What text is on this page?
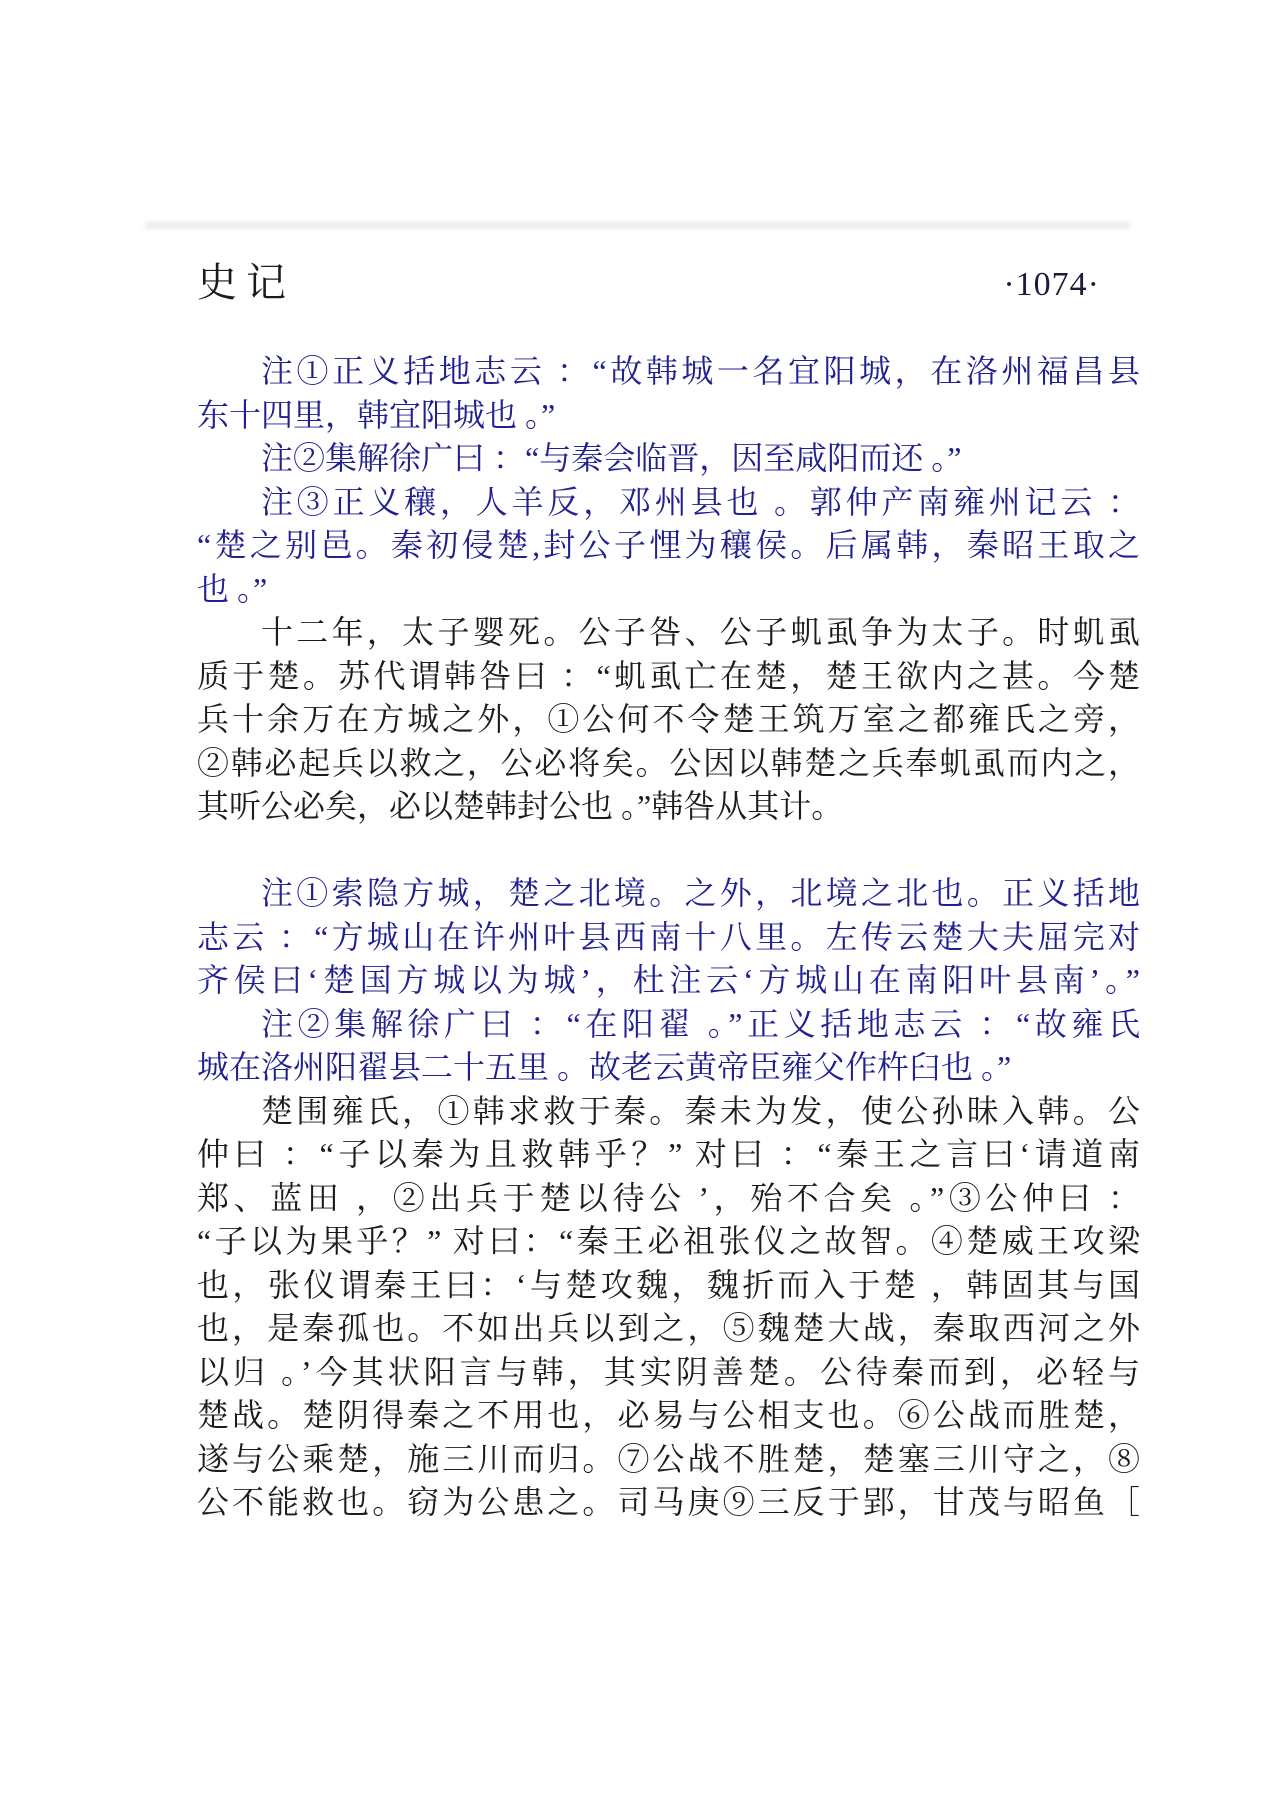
史记	·1074·
注①正义括地志云 ：“故韩城一名宜阳城，在洛州福昌县
东十四里，韩宜阳城也 。”
注②集解徐广曰 ：“与秦会临晋，因至咸阳而还 。”
注③正义穰，人羊反，邓州县也 。郭仲产南雍州记云 ：
“楚之别邑。秦初侵楚,封公子悝为穰侯。后属韩，秦昭王取之
也 。”
十二年，太子婴死。公子咎、公子虮虱争为太子。时虮虱
质于楚。苏代谓韩咎曰 ：“虮虱亡在楚，楚王欲内之甚。今楚
兵十余万在方城之外，①公何不令楚王筑万室之都雍氏之旁，
②韩必起兵以救之，公必将矣。公因以韩楚之兵奉虮虱而内之，
其听公必矣，必以楚韩封公也 。”韩咎从其计。
注①索隐方城，楚之北境。之外，北境之北也。正义括地
志云 ：“方城山在许州叶县西南十八里。左传云楚大夫屈完对
齐侯曰‘楚国方城以为城’，杜注云‘方城山在南阳叶县南’。”
注②集解徐广曰 ：“在阳翟 。”正义括地志云 ：“故雍氏
城在洛州阳翟县二十五里 。故老云黄帝臣雍父作杵臼也 。”
楚围雍氏，①韩求救于秦。秦未为发，使公孙昧入韩。公
仲曰 ：“子以秦为且救韩乎？” 对曰 ：“秦王之言曰‘请道南
郑、蓝田 ，②出兵于楚以待公 ’，殆不合矣 。”③公仲曰 ：
“子以为果乎？” 对曰：“秦王必祖张仪之故智。④楚威王攻梁
也，张仪谓秦王曰：‘与楚攻魏，魏折而入于楚 ，韩固其与国
也，是秦孤也。不如出兵以到之，⑤魏楚大战，秦取西河之外
以归 。’今其状阳言与韩，其实阴善楚。公待秦而到，必轻与
楚战。楚阴得秦之不用也，必易与公相支也。⑥公战而胜楚，
遂与公乘楚，施三川而归。⑦公战不胜楚，楚塞三川守之，⑧
公不能救也。窃为公患之。司马庚⑨三反于郢，甘茂与昭鱼［
